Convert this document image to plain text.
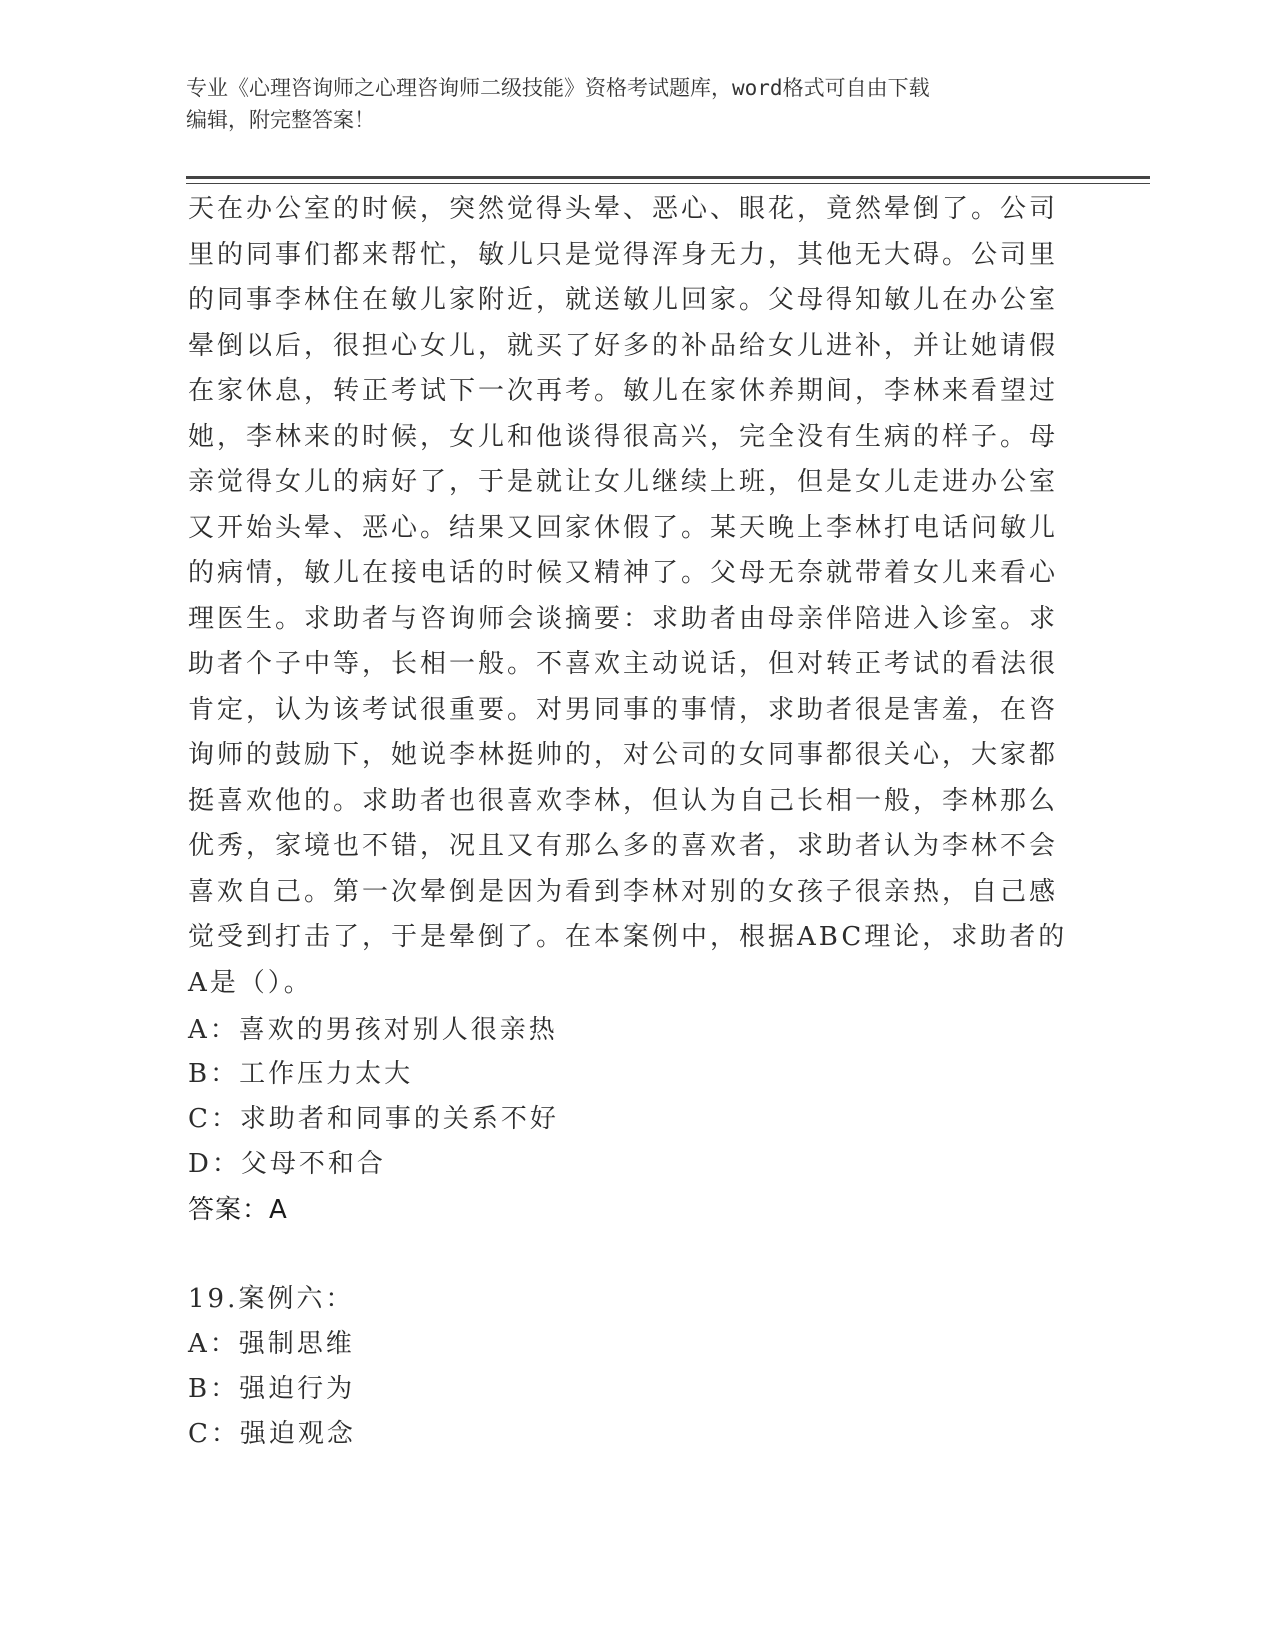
专业《心理咨询师之心理咨询师二级技能》资格考试题库，word格式可自由下载
编辑，附完整答案！
天在办公室的时候，突然觉得头晕、恶心、眼花，竟然晕倒了。公司
里的同事们都来帮忙，敏儿只是觉得浑身无力，其他无大碍。公司里
的同事李林住在敏儿家附近，就送敏儿回家。父母得知敏儿在办公室
晕倒以后，很担心女儿，就买了好多的补品给女儿进补，并让她请假
在家休息，转正考试下一次再考。敏儿在家休养期间，李林来看望过
她，李林来的时候，女儿和他谈得很高兴，完全没有生病的样子。母
亲觉得女儿的病好了，于是就让女儿继续上班，但是女儿走进办公室
又开始头晕、恶心。结果又回家休假了。某天晚上李林打电话问敏儿
的病情，敏儿在接电话的时候又精神了。父母无奈就带着女儿来看心
理医生。求助者与咨询师会谈摘要：求助者由母亲伴陪进入诊室。求
助者个子中等，长相一般。不喜欢主动说话，但对转正考试的看法很
肯定，认为该考试很重要。对男同事的事情，求助者很是害羞，在咨
询师的鼓励下，她说李林挺帅的，对公司的女同事都很关心，大家都
挺喜欢他的。求助者也很喜欢李林，但认为自己长相一般，李林那么
优秀，家境也不错，况且又有那么多的喜欢者，求助者认为李林不会
喜欢自己。第一次晕倒是因为看到李林对别的女孩子很亲热，自己感
觉受到打击了，于是晕倒了。在本案例中，根据ABC理论，求助者的
A是（）。
A：喜欢的男孩对别人很亲热
B：工作压力太大
C：求助者和同事的关系不好
D：父母不和合
答案：A
19.案例六：
A：强制思维
B：强迫行为
C：强迫观念
